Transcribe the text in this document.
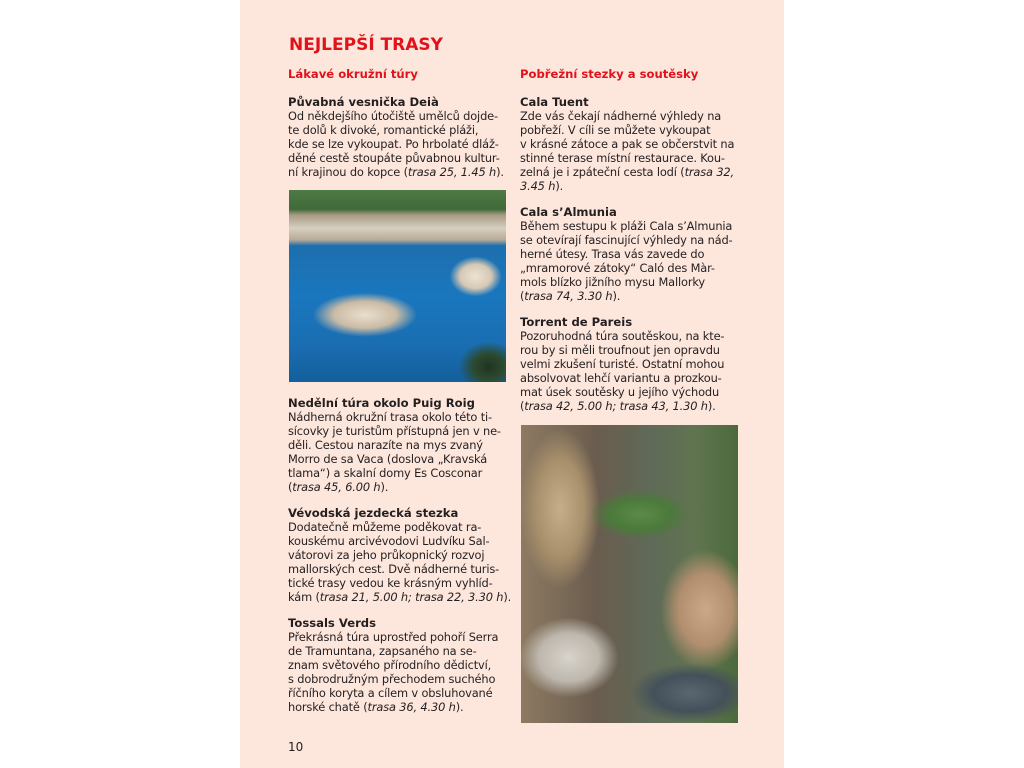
NEJLEPŠÍ TRASY
Lákavé okružní túry
Půvabná vesnička Deià

Od někdejšího útočiště umělců dojde-
te dolů k divoké, romantické pláži,
kde se lze vykoupat. Po hrbolaté dláž-
děné cestě stoupáte půvabnou kultur-
ní krajinou do kopce (trasa 25, 1.45 h).

Nedělní túra okolo Puig Roig

Nádherná okružní trasa okolo této ti-
sícovky je turistům přístupná jen v ne-
děli. Cestou narazíte na mys zvaný
Morro de sa Vaca (doslova „Kravská
tlama“) a skalní domy Es Cosconar
(trasa 45, 6.00 h).

Vévodská jezdecká stezka

Dodatečně můžeme poděkovat ra-
kouskému arcivévodovi Ludvíku Sal-
vátorovi za jeho průkopnický rozvoj
mallorských cest. Dvě nádherné turis-
tické trasy vedou ke krásným vyhlíd-
kám (trasa 21, 5.00 h; trasa 22, 3.30 h).

Tossals Verds

Překrásná túra uprostřed pohoří Serra
de Tramuntana, zapsaného na se-
znam světového přírodního dědictví,
s dobrodružným přechodem suchého
říčního koryta a cílem v obsluhované
horské chatě (trasa 36, 4.30 h).

Pobřežní stezky a soutěsky
Cala Tuent

Zde vás čekají nádherné výhledy na
pobřeží. V cíli se můžete vykoupat
v krásné zátoce a pak se občerstvit na
stinné terase místní restaurace. Kou-
zelná je i zpáteční cesta lodí (trasa 32,
3.45 h).

Cala s’Almunia

Během sestupu k pláži Cala s’Almunia
se otevírají fascinující výhledy na nád-
herné útesy. Trasa vás zavede do
„mramorové zátoky“ Caló des Màr-
mols blízko jižního mysu Mallorky
(trasa 74, 3.30 h).

Torrent de Pareis

Pozoruhodná túra soutěskou, na kte-
rou by si měli troufnout jen opravdu
velmi zkušení turisté. Ostatní mohou
absolvovat lehčí variantu a prozkou-
mat úsek soutěsky u jejího východu
(trasa 42, 5.00 h; trasa 43, 1.30 h).

10
